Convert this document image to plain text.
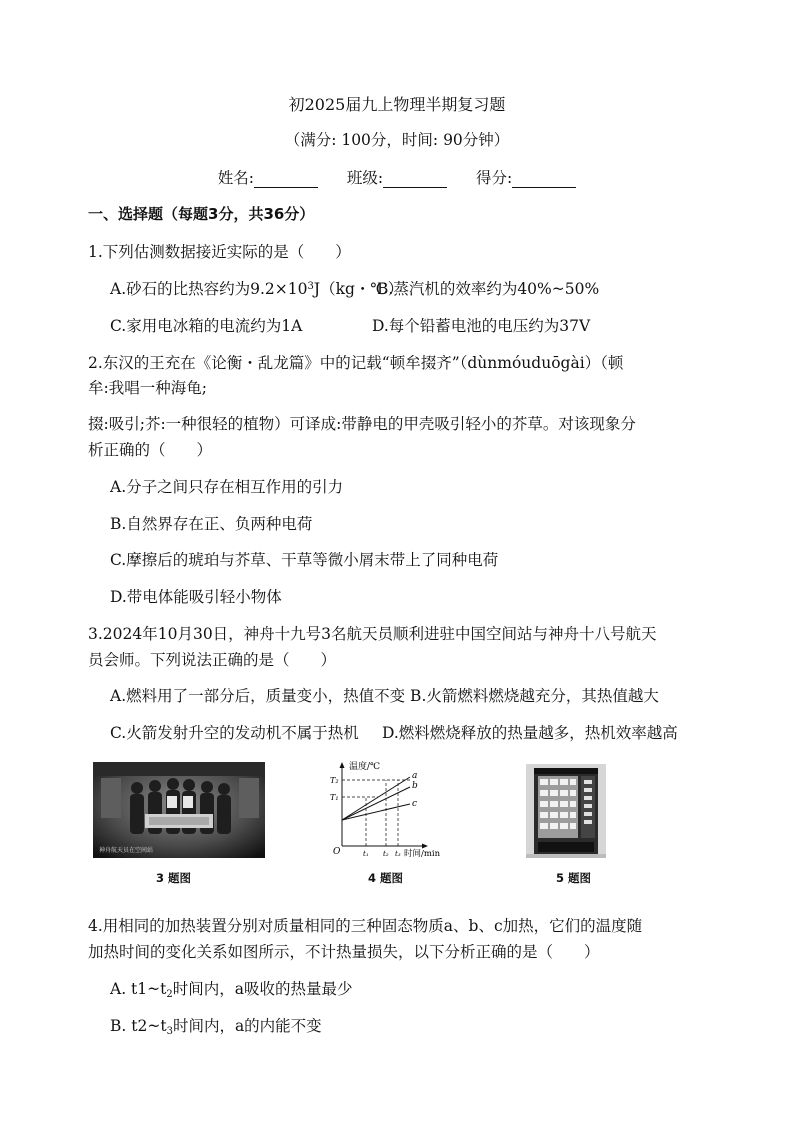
初2025届九上物理半期复习题
（满分: 100分，时间: 90分钟）
姓名:	班级:	得分:
一、选择题（每题3分，共36分）
1.下列估测数据接近实际的是（　　）
A.砂石的比热容约为$9.2\times 10^3J(kg$・℃）
B.蒸汽机的效率约为40%~50%
C.家用电冰箱的电流约为1A	D.每个铅蓄电池的电压约为37V
2.东汉的王充在《论衡・乱龙篇》中的记载“顿牟掇齐”（dùnmóuduōgài）（顿
牟:我唱一种海龟;
掇:吸引;芥:一种很轻的植物）可译成:带静电的甲壳吸引轻小的芥草。对该现象分
析正确的（　　）
A.分子之间只存在相互作用的引力
B.自然界存在正、负两种电荷
C.摩擦后的琥珀与芥草、干草等微小屑末带上了同种电荷
D.带电体能吸引轻小物体
3.2024年10月30日，神舟十九号3名航天员顺利进驻中国空间站与神舟十八号航天
员会师。下列说法正确的是（　　）
A.燃料用了一部分后，质量变小，热值不变 B.火箭燃料燃烧越充分，其热值越大
C.火箭发射升空的发动机不属于热机 D.燃料燃烧释放的热量越多，热机效率越高
神舟航天员在空间站
3 题图
温度/℃
T₂
T₁
O	t₁ t₂ t₃ 时间/min
a
b
c
4 题图	5 题图
4.用相同的加热装置分别对质量相同的三种固态物质a、b、c加热，它们的温度随
加热时间的变化关系如图所示，不计热量损失，以下分析正确的是（　　）
A. $t1\sim t_2$时间内，a吸收的热量最少
B. $t2\sim t_3$时间内，a的内能不变
